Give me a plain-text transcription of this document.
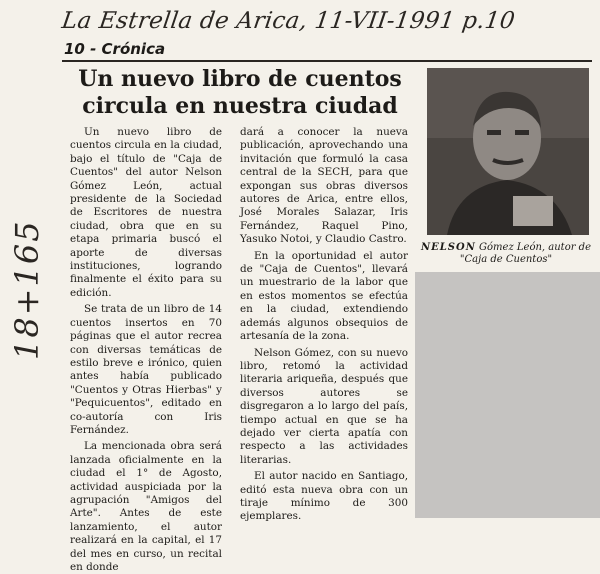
La Estrella de Arica, 11-VII-1991 p.10
18+165
10 - Crónica
Un nuevo libro de cuentos circula en nuestra ciudad

Un nuevo libro de cuentos circula en la ciudad, bajo el título de "Caja de Cuentos" del autor Nelson Gómez León, actual presidente de la Sociedad de Escritores de nuestra ciudad, obra que en su etapa primaria buscó el aporte de diversas instituciones, logrando finalmente el éxito para su edición.

Se trata de un libro de 14 cuentos insertos en 70 páginas que el autor recrea con diversas temáticas de estilo breve e irónico, quien antes había publicado "Cuentos y Otras Hierbas" y "Pequicuentos", editado en co-autoría con Iris Fernández.

La mencionada obra será lanzada oficialmente en la ciudad el 1° de Agosto, actividad auspiciada por la agrupación "Amigos del Arte". Antes de este lanzamiento, el autor realizará en la capital, el 17 del mes en curso, un recital en donde

dará a conocer la nueva publicación, aprovechando una invitación que formuló la casa central de la SECH, para que expongan sus obras diversos autores de Arica, entre ellos, José Morales Salazar, Iris Fernández, Raquel Pino, Yasuko Notoi, y Claudio Castro.

En la oportunidad el autor de "Caja de Cuentos", llevará un muestrario de la labor que en estos momentos se efectúa en la ciudad, extendiendo además algunos obsequios de artesanía de la zona.

Nelson Gómez, con su nuevo libro, retomó la actividad literaria ariqueña, después que diversos autores se disgregaron a lo largo del país, tiempo actual en que se ha dejado ver cierta apatía con respecto a las actividades literarias.

El autor nacido en Santiago, editó esta nueva obra con un tiraje mínimo de 300 ejemplares.

NELSON Gómez León, autor de "Caja de Cuentos"
